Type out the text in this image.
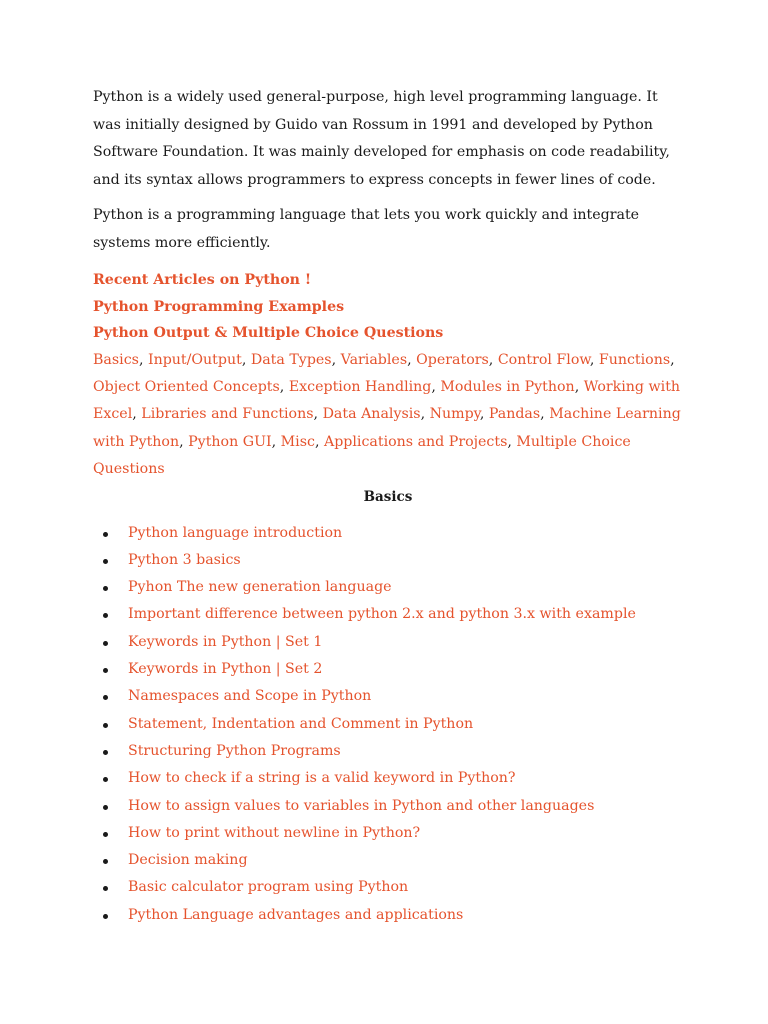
Python is a widely used general-purpose, high level programming language. It was initially designed by Guido van Rossum in 1991 and developed by Python Software Foundation. It was mainly developed for emphasis on code readability, and its syntax allows programmers to express concepts in fewer lines of code.

Python is a programming language that lets you work quickly and integrate systems more efficiently.

Recent Articles on Python !
Python Programming Examples
Python Output & Multiple Choice Questions

Basics, Input/Output, Data Types, Variables, Operators, Control Flow, Functions, Object Oriented Concepts, Exception Handling, Modules in Python, Working with Excel, Libraries and Functions, Data Analysis, Numpy, Pandas, Machine Learning with Python, Python GUI, Misc, Applications and Projects, Multiple Choice Questions

Basics
Python language introduction
Python 3 basics
Pyhon The new generation language
Important difference between python 2.x and python 3.x with example
Keywords in Python | Set 1
Keywords in Python | Set 2
Namespaces and Scope in Python
Statement, Indentation and Comment in Python
Structuring Python Programs
How to check if a string is a valid keyword in Python?
How to assign values to variables in Python and other languages
How to print without newline in Python?
Decision making
Basic calculator program using Python
Python Language advantages and applications
